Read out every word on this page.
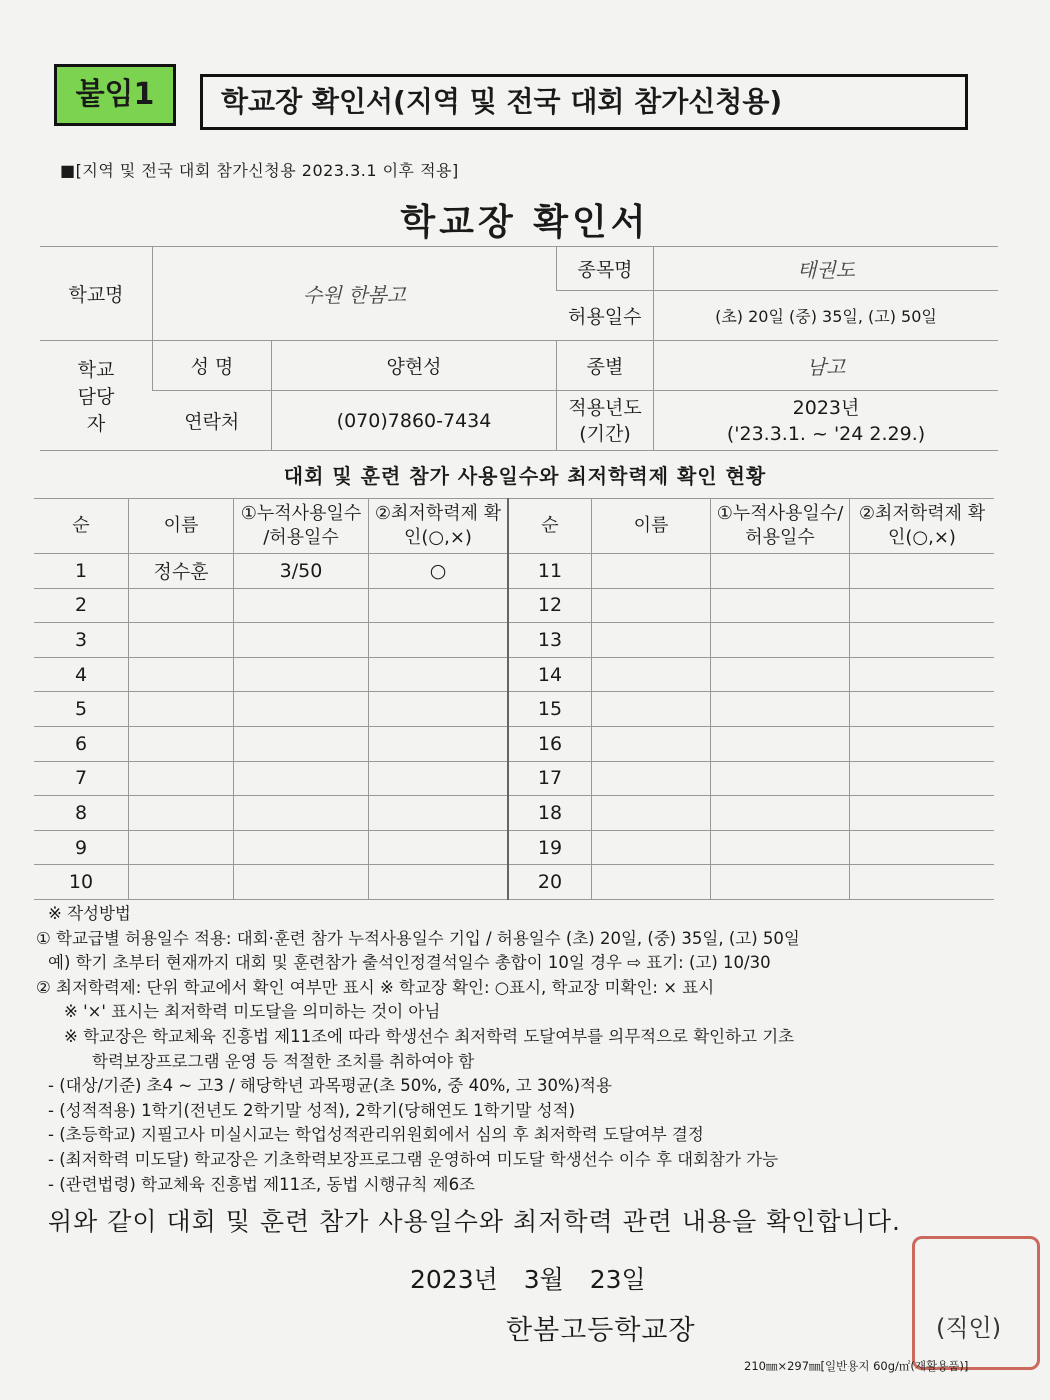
붙임1	학교장 확인서(지역 및 전국 대회 참가신청용)
■[지역 및 전국 대회 참가신청용 2023.3.1 이후 적용]
학교장 확인서
학교명	수원 한봄고		종목명	태권도
			허용일수	(초) 20일 (중) 35일, (고) 50일
학교 담당자	성 명	양현성	종별	남고
	연락처	(070)7860-7434	적용년도 (기간)	2023년
('23.3.1. ~ '24 2.29.)
대회 및 훈련 참가 사용일수와 최저학력제 확인 현황
순	이름	①누적사용일수 /허용일수	②최저학력제 확인(○,×)	순	이름	①누적사용일수/ 허용일수	②최저학력제 확인(○,×)
1	정수훈	3/50	○	11			
2				12			
3				13			
4				14			
5				15			
6				16			
7				17			
8				18			
9				19			
10				20			
※ 작성방법
① 학교급별 허용일수 적용: 대회·훈련 참가 누적사용일수 기입 / 허용일수 (초) 20일, (중) 35일, (고) 50일
예) 학기 초부터 현재까지 대회 및 훈련참가 출석인정결석일수 총합이 10일 경우 ⇨ 표기: (고) 10/30
② 최저학력제: 단위 학교에서 확인 여부만 표시 ※ 학교장 확인: ○표시, 학교장 미확인: × 표시
※ '×' 표시는 최저학력 미도달을 의미하는 것이 아님
※ 학교장은 학교체육 진흥법 제11조에 따라 학생선수 최저학력 도달여부를 의무적으로 확인하고 기초
학력보장프로그램 운영 등 적절한 조치를 취하여야 함
- (대상/기준) 초4 ~ 고3 / 해당학년 과목평균(초 50%, 중 40%, 고 30%)적용
- (성적적용) 1학기(전년도 2학기말 성적), 2학기(당해연도 1학기말 성적)
- (초등학교) 지필고사 미실시교는 학업성적관리위원회에서 심의 후 최저학력 도달여부 결정
- (최저학력 미도달) 학교장은 기초학력보장프로그램 운영하여 미도달 학생선수 이수 후 대회참가 가능
- (관련법령) 학교체육 진흥법 제11조, 동법 시행규칙 제6조
위와 같이 대회 및 훈련 참가 사용일수와 최저학력 관련 내용을 확인합니다.
2023년 3월 23일
한봄고등학교장	(직인)
210㎜×297㎜[일반용지 60g/㎡(재활용품)]
